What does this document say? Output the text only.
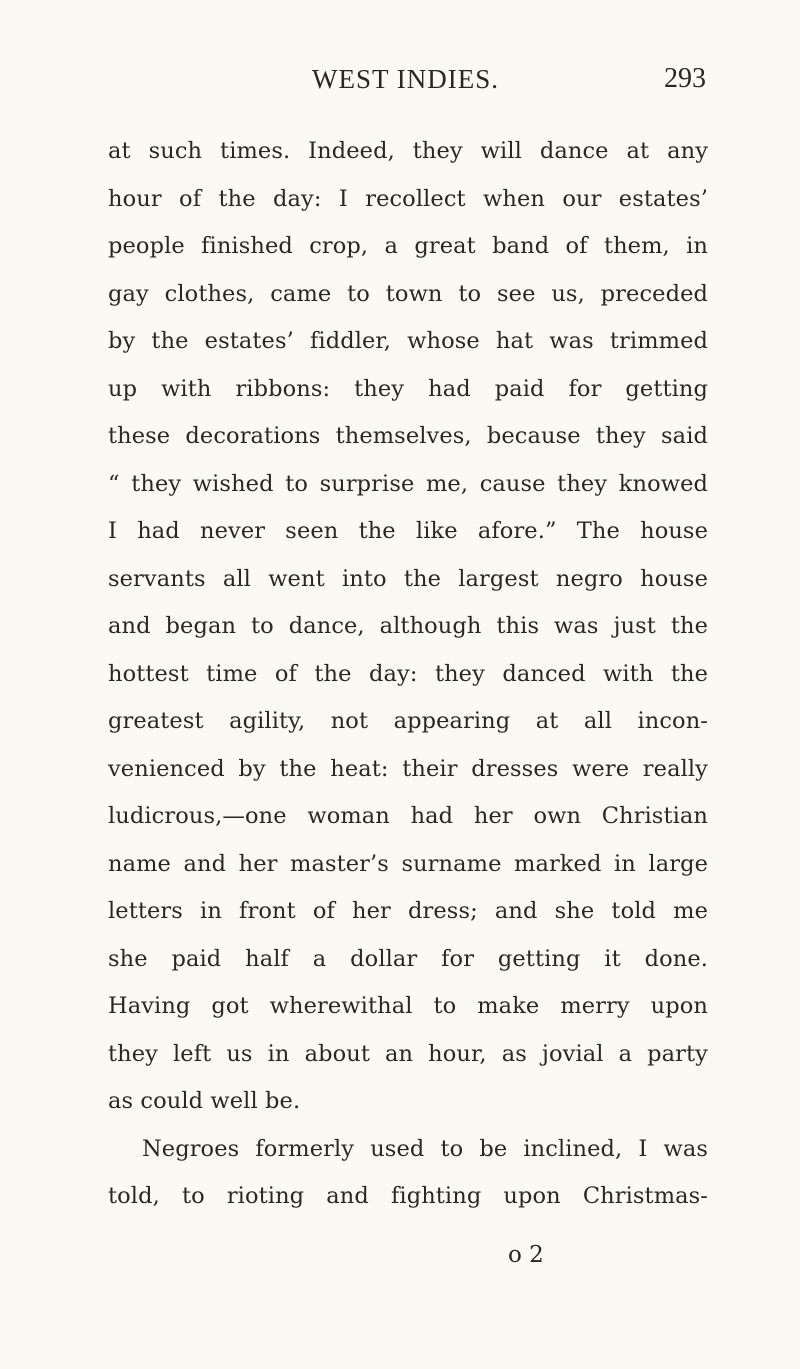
WEST INDIES.	293
at such times. Indeed, they will dance at any
hour of the day: I recollect when our estates’
people finished crop, a great band of them, in
gay clothes, came to town to see us, preceded
by the estates’ fiddler, whose hat was trimmed
up with ribbons: they had paid for getting
these decorations themselves, because they said
“ they wished to surprise me, cause they knowed
I had never seen the like afore.” The house
servants all went into the largest negro house
and began to dance, although this was just the
hottest time of the day: they danced with the
greatest agility, not appearing at all incon-
venienced by the heat: their dresses were really
ludicrous,—one woman had her own Christian
name and her master’s surname marked in large
letters in front of her dress; and she told me
she paid half a dollar for getting it done.
Having got wherewithal to make merry upon
they left us in about an hour, as jovial a party
as could well be.
Negroes formerly used to be inclined, I was
told, to rioting and fighting upon Christmas-
o 2
